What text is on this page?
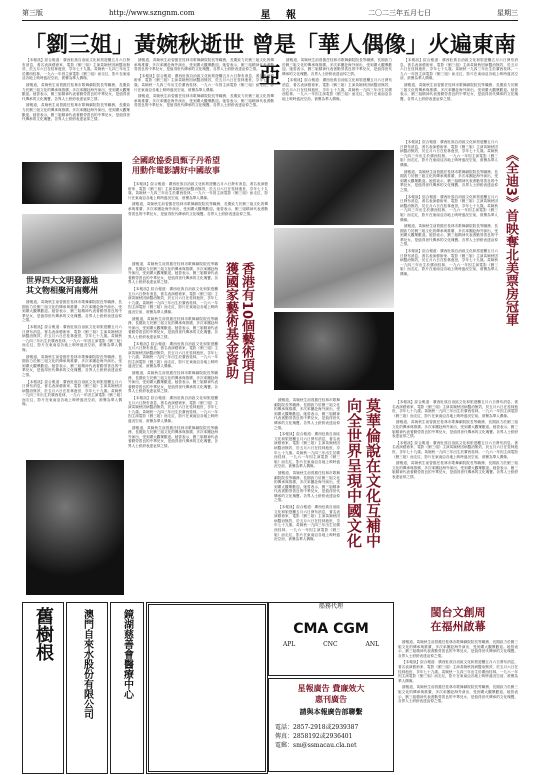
第三版	http://www.szngnm.com	星 報	二〇二三年五月七日	星期三
「劉三姐」黃婉秋逝世 曾是「華人偶像」火遍東南亞

【本報訊】綜合報道：廣西壯族自治區文化和旅遊廳五月六日發布消息，著名表演藝術家、電影《劉三姐》主演黃婉秋因病醫治無效，於五月六日在桂林逝世，享年七十九歲。黃婉秋一九四三年出生於廣西桂林，一九六一年因主演電影《劉三姐》而走紅，影片在東南亞各地上映時盛況空前，被譽為華人偶像。

據報道，黃婉秋生前曾擔任桂林市歌舞劇院院長等職務，長期致力於劉三姐文化的傳承與推廣，多次率團赴海外演出，受到廣大觀眾歡迎。她曾表示，劉三姐精神代表著勤勞善良的中華兒女，是值得世代傳承的文化瑰寶。各界人士紛紛表達哀悼之情。

據報道，黃婉秋生前曾擔任桂林市歌舞劇院院長等職務，長期致力於劉三姐文化的傳承與推廣，多次率團赴海外演出，受到廣大觀眾歡迎。她曾表示，劉三姐精神代表著勤勞善良的中華兒女，是值得世代傳承的文化瑰寶。各界人士紛紛表達哀悼之情。

據報道，黃婉秋生前曾擔任桂林市歌舞劇院院長等職務，長期致力於劉三姐文化的傳承與推廣，多次率團赴海外演出，受到廣大觀眾歡迎。她曾表示，劉三姐精神代表著勤勞善良的中華兒女，是值得世代傳承的文化瑰寶。各界人士紛紛表達哀悼之情。

【本報訊】綜合報道：廣西壯族自治區文化和旅遊廳五月六日發布消息，著名表演藝術家、電影《劉三姐》主演黃婉秋因病醫治無效，於五月六日在桂林逝世，享年七十九歲。黃婉秋一九四三年出生於廣西桂林，一九六一年因主演電影《劉三姐》而走紅，影片在東南亞各地上映時盛況空前，被譽為華人偶像。

據報道，黃婉秋生前曾擔任桂林市歌舞劇院院長等職務，長期致力於劉三姐文化的傳承與推廣，多次率團赴海外演出，受到廣大觀眾歡迎。她曾表示，劉三姐精神代表著勤勞善良的中華兒女，是值得世代傳承的文化瑰寶。各界人士紛紛表達哀悼之情。

據報道，黃婉秋生前曾擔任桂林市歌舞劇院院長等職務，長期致力於劉三姐文化的傳承與推廣，多次率團赴海外演出，受到廣大觀眾歡迎。她曾表示，劉三姐精神代表著勤勞善良的中華兒女，是值得世代傳承的文化瑰寶。各界人士紛紛表達哀悼之情。

【本報訊】綜合報道：廣西壯族自治區文化和旅遊廳五月六日發布消息，著名表演藝術家、電影《劉三姐》主演黃婉秋因病醫治無效，於五月六日在桂林逝世，享年七十九歲。黃婉秋一九四三年出生於廣西桂林，一九六一年因主演電影《劉三姐》而走紅，影片在東南亞各地上映時盛況空前，被譽為華人偶像。

【本報訊】綜合報道：廣西壯族自治區文化和旅遊廳五月六日發布消息，著名表演藝術家、電影《劉三姐》主演黃婉秋因病醫治無效，於五月六日在桂林逝世，享年七十九歲。黃婉秋一九四三年出生於廣西桂林，一九六一年因主演電影《劉三姐》而走紅，影片在東南亞各地上映時盛況空前，被譽為華人偶像。

據報道，黃婉秋生前曾擔任桂林市歌舞劇院院長等職務，長期致力於劉三姐文化的傳承與推廣，多次率團赴海外演出，受到廣大觀眾歡迎。她曾表示，劉三姐精神代表著勤勞善良的中華兒女，是值得世代傳承的文化瑰寶。各界人士紛紛表達哀悼之情。

世界四大文明發源地
其文物相聚河南鄭州

據報道，黃婉秋生前曾擔任桂林市歌舞劇院院長等職務，長期致力於劉三姐文化的傳承與推廣，多次率團赴海外演出，受到廣大觀眾歡迎。她曾表示，劉三姐精神代表著勤勞善良的中華兒女，是值得世代傳承的文化瑰寶。各界人士紛紛表達哀悼之情。

【本報訊】綜合報道：廣西壯族自治區文化和旅遊廳五月六日發布消息，著名表演藝術家、電影《劉三姐》主演黃婉秋因病醫治無效，於五月六日在桂林逝世，享年七十九歲。黃婉秋一九四三年出生於廣西桂林，一九六一年因主演電影《劉三姐》而走紅，影片在東南亞各地上映時盛況空前，被譽為華人偶像。

據報道，黃婉秋生前曾擔任桂林市歌舞劇院院長等職務，長期致力於劉三姐文化的傳承與推廣，多次率團赴海外演出，受到廣大觀眾歡迎。她曾表示，劉三姐精神代表著勤勞善良的中華兒女，是值得世代傳承的文化瑰寶。各界人士紛紛表達哀悼之情。

【本報訊】綜合報道：廣西壯族自治區文化和旅遊廳五月六日發布消息，著名表演藝術家、電影《劉三姐》主演黃婉秋因病醫治無效，於五月六日在桂林逝世，享年七十九歲。黃婉秋一九四三年出生於廣西桂林，一九六一年因主演電影《劉三姐》而走紅，影片在東南亞各地上映時盛況空前，被譽為華人偶像。

全國政協委員甄子丹希望
用動作電影講好中國故事

【本報訊】綜合報道：廣西壯族自治區文化和旅遊廳五月六日發布消息，著名表演藝術家、電影《劉三姐》主演黃婉秋因病醫治無效，於五月六日在桂林逝世，享年七十九歲。黃婉秋一九四三年出生於廣西桂林，一九六一年因主演電影《劉三姐》而走紅，影片在東南亞各地上映時盛況空前，被譽為華人偶像。

據報道，黃婉秋生前曾擔任桂林市歌舞劇院院長等職務，長期致力於劉三姐文化的傳承與推廣，多次率團赴海外演出，受到廣大觀眾歡迎。她曾表示，劉三姐精神代表著勤勞善良的中華兒女，是值得世代傳承的文化瑰寶。各界人士紛紛表達哀悼之情。

據報道，黃婉秋生前曾擔任桂林市歌舞劇院院長等職務，長期致力於劉三姐文化的傳承與推廣，多次率團赴海外演出，受到廣大觀眾歡迎。她曾表示，劉三姐精神代表著勤勞善良的中華兒女，是值得世代傳承的文化瑰寶。各界人士紛紛表達哀悼之情。

【本報訊】綜合報道：廣西壯族自治區文化和旅遊廳五月六日發布消息，著名表演藝術家、電影《劉三姐》主演黃婉秋因病醫治無效，於五月六日在桂林逝世，享年七十九歲。黃婉秋一九四三年出生於廣西桂林，一九六一年因主演電影《劉三姐》而走紅，影片在東南亞各地上映時盛況空前，被譽為華人偶像。

據報道，黃婉秋生前曾擔任桂林市歌舞劇院院長等職務，長期致力於劉三姐文化的傳承與推廣，多次率團赴海外演出，受到廣大觀眾歡迎。她曾表示，劉三姐精神代表著勤勞善良的中華兒女，是值得世代傳承的文化瑰寶。各界人士紛紛表達哀悼之情。

【本報訊】綜合報道：廣西壯族自治區文化和旅遊廳五月六日發布消息，著名表演藝術家、電影《劉三姐》主演黃婉秋因病醫治無效，於五月六日在桂林逝世，享年七十九歲。黃婉秋一九四三年出生於廣西桂林，一九六一年因主演電影《劉三姐》而走紅，影片在東南亞各地上映時盛況空前，被譽為華人偶像。

據報道，黃婉秋生前曾擔任桂林市歌舞劇院院長等職務，長期致力於劉三姐文化的傳承與推廣，多次率團赴海外演出，受到廣大觀眾歡迎。她曾表示，劉三姐精神代表著勤勞善良的中華兒女，是值得世代傳承的文化瑰寶。各界人士紛紛表達哀悼之情。

【本報訊】綜合報道：廣西壯族自治區文化和旅遊廳五月六日發布消息，著名表演藝術家、電影《劉三姐》主演黃婉秋因病醫治無效，於五月六日在桂林逝世，享年七十九歲。黃婉秋一九四三年出生於廣西桂林，一九六一年因主演電影《劉三姐》而走紅，影片在東南亞各地上映時盛況空前，被譽為華人偶像。

據報道，黃婉秋生前曾擔任桂林市歌舞劇院院長等職務，長期致力於劉三姐文化的傳承與推廣，多次率團赴海外演出，受到廣大觀眾歡迎。她曾表示，劉三姐精神代表著勤勞善良的中華兒女，是值得世代傳承的文化瑰寶。各界人士紛紛表達哀悼之情。

香港有10個藝術項目
獲國家藝術基金資助	《全迪3》首映奪北美票房冠軍

【本報訊】綜合報道：廣西壯族自治區文化和旅遊廳五月六日發布消息，著名表演藝術家、電影《劉三姐》主演黃婉秋因病醫治無效，於五月六日在桂林逝世，享年七十九歲。黃婉秋一九四三年出生於廣西桂林，一九六一年因主演電影《劉三姐》而走紅，影片在東南亞各地上映時盛況空前，被譽為華人偶像。

據報道，黃婉秋生前曾擔任桂林市歌舞劇院院長等職務，長期致力於劉三姐文化的傳承與推廣，多次率團赴海外演出，受到廣大觀眾歡迎。她曾表示，劉三姐精神代表著勤勞善良的中華兒女，是值得世代傳承的文化瑰寶。各界人士紛紛表達哀悼之情。

【本報訊】綜合報道：廣西壯族自治區文化和旅遊廳五月六日發布消息，著名表演藝術家、電影《劉三姐》主演黃婉秋因病醫治無效，於五月六日在桂林逝世，享年七十九歲。黃婉秋一九四三年出生於廣西桂林，一九六一年因主演電影《劉三姐》而走紅，影片在東南亞各地上映時盛況空前，被譽為華人偶像。

據報道，黃婉秋生前曾擔任桂林市歌舞劇院院長等職務，長期致力於劉三姐文化的傳承與推廣，多次率團赴海外演出，受到廣大觀眾歡迎。她曾表示，劉三姐精神代表著勤勞善良的中華兒女，是值得世代傳承的文化瑰寶。各界人士紛紛表達哀悼之情。

【本報訊】綜合報道：廣西壯族自治區文化和旅遊廳五月六日發布消息，著名表演藝術家、電影《劉三姐》主演黃婉秋因病醫治無效，於五月六日在桂林逝世，享年七十九歲。黃婉秋一九四三年出生於廣西桂林，一九六一年因主演電影《劉三姐》而走紅，影片在東南亞各地上映時盛況空前，被譽為華人偶像。

莫華倫說在文化互補中
向全世界呈現中國文化

據報道，黃婉秋生前曾擔任桂林市歌舞劇院院長等職務，長期致力於劉三姐文化的傳承與推廣，多次率團赴海外演出，受到廣大觀眾歡迎。她曾表示，劉三姐精神代表著勤勞善良的中華兒女，是值得世代傳承的文化瑰寶。各界人士紛紛表達哀悼之情。

【本報訊】綜合報道：廣西壯族自治區文化和旅遊廳五月六日發布消息，著名表演藝術家、電影《劉三姐》主演黃婉秋因病醫治無效，於五月六日在桂林逝世，享年七十九歲。黃婉秋一九四三年出生於廣西桂林，一九六一年因主演電影《劉三姐》而走紅，影片在東南亞各地上映時盛況空前，被譽為華人偶像。

據報道，黃婉秋生前曾擔任桂林市歌舞劇院院長等職務，長期致力於劉三姐文化的傳承與推廣，多次率團赴海外演出，受到廣大觀眾歡迎。她曾表示，劉三姐精神代表著勤勞善良的中華兒女，是值得世代傳承的文化瑰寶。各界人士紛紛表達哀悼之情。

【本報訊】綜合報道：廣西壯族自治區文化和旅遊廳五月六日發布消息，著名表演藝術家、電影《劉三姐》主演黃婉秋因病醫治無效，於五月六日在桂林逝世，享年七十九歲。黃婉秋一九四三年出生於廣西桂林，一九六一年因主演電影《劉三姐》而走紅，影片在東南亞各地上映時盛況空前，被譽為華人偶像。

【本報訊】綜合報道：廣西壯族自治區文化和旅遊廳五月六日發布消息，著名表演藝術家、電影《劉三姐》主演黃婉秋因病醫治無效，於五月六日在桂林逝世，享年七十九歲。黃婉秋一九四三年出生於廣西桂林，一九六一年因主演電影《劉三姐》而走紅，影片在東南亞各地上映時盛況空前，被譽為華人偶像。

據報道，黃婉秋生前曾擔任桂林市歌舞劇院院長等職務，長期致力於劉三姐文化的傳承與推廣，多次率團赴海外演出，受到廣大觀眾歡迎。她曾表示，劉三姐精神代表著勤勞善良的中華兒女，是值得世代傳承的文化瑰寶。各界人士紛紛表達哀悼之情。

【本報訊】綜合報道：廣西壯族自治區文化和旅遊廳五月六日發布消息，著名表演藝術家、電影《劉三姐》主演黃婉秋因病醫治無效，於五月六日在桂林逝世，享年七十九歲。黃婉秋一九四三年出生於廣西桂林，一九六一年因主演電影《劉三姐》而走紅，影片在東南亞各地上映時盛況空前，被譽為華人偶像。

據報道，黃婉秋生前曾擔任桂林市歌舞劇院院長等職務，長期致力於劉三姐文化的傳承與推廣，多次率團赴海外演出，受到廣大觀眾歡迎。她曾表示，劉三姐精神代表著勤勞善良的中華兒女，是值得世代傳承的文化瑰寶。各界人士紛紛表達哀悼之情。

舊樹根	澳門自來水股份有限公司	鏡湖慈善會醫療中心
船務代理
CMA CGM
APL	CNC	ANL
星報廣告 費廉效大
惠刊廣告
請與本報廣告部聯繫
電話：2857-2918或2939387
傳真：2858192或2936401
電郵：sm@ssmacau.cla.net
閩台文創周
在福州啟幕

據報道，黃婉秋生前曾擔任桂林市歌舞劇院院長等職務，長期致力於劉三姐文化的傳承與推廣，多次率團赴海外演出，受到廣大觀眾歡迎。她曾表示，劉三姐精神代表著勤勞善良的中華兒女，是值得世代傳承的文化瑰寶。各界人士紛紛表達哀悼之情。

【本報訊】綜合報道：廣西壯族自治區文化和旅遊廳五月六日發布消息，著名表演藝術家、電影《劉三姐》主演黃婉秋因病醫治無效，於五月六日在桂林逝世，享年七十九歲。黃婉秋一九四三年出生於廣西桂林，一九六一年因主演電影《劉三姐》而走紅，影片在東南亞各地上映時盛況空前，被譽為華人偶像。

據報道，黃婉秋生前曾擔任桂林市歌舞劇院院長等職務，長期致力於劉三姐文化的傳承與推廣，多次率團赴海外演出，受到廣大觀眾歡迎。她曾表示，劉三姐精神代表著勤勞善良的中華兒女，是值得世代傳承的文化瑰寶。各界人士紛紛表達哀悼之情。
